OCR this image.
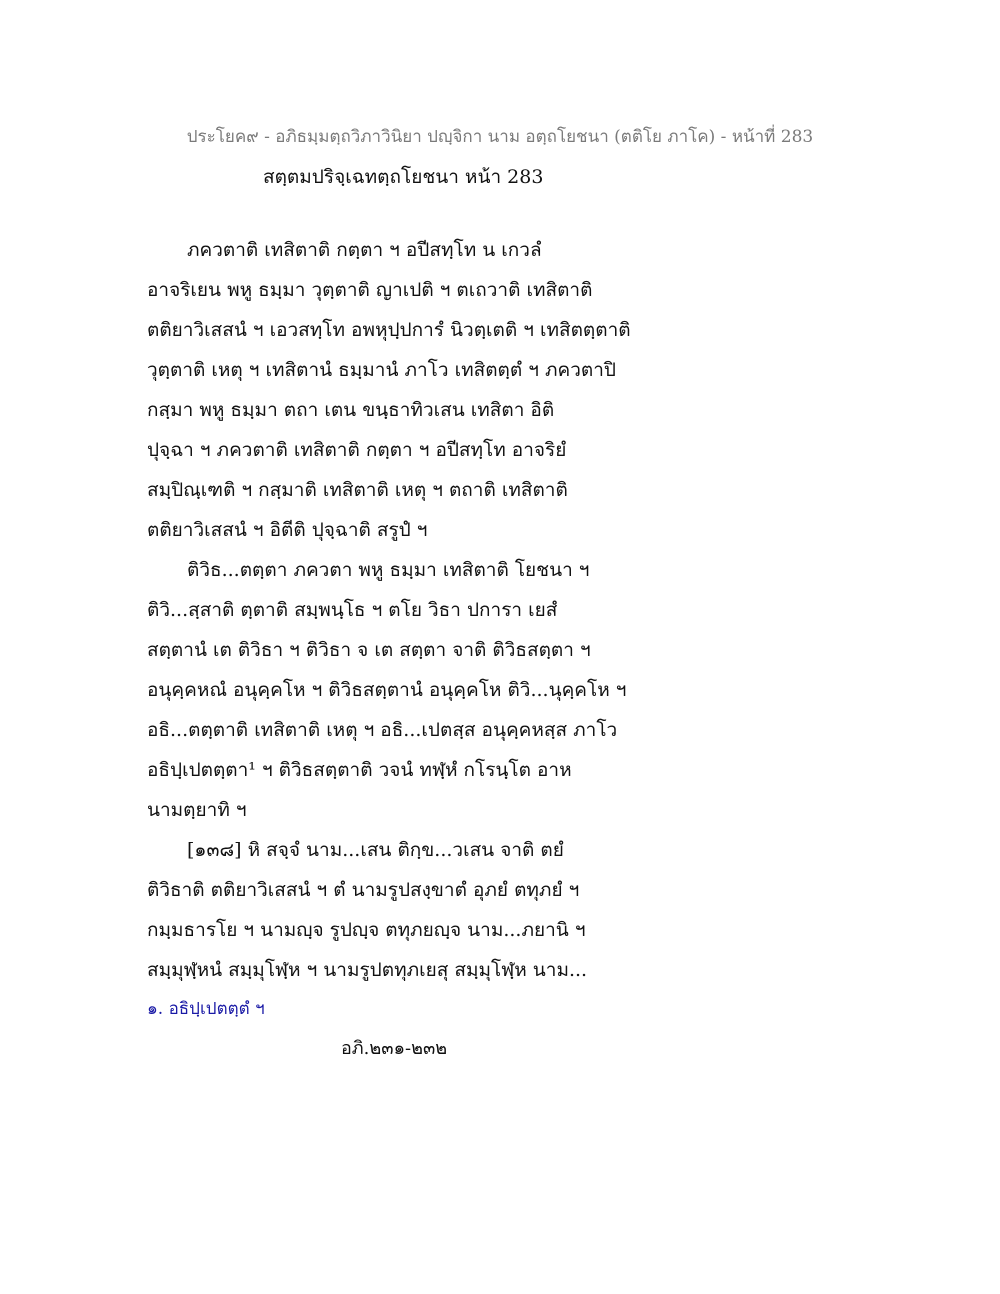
ประโยค๙ - อภิธมฺมตฺถวิภาวินิยา ปญฺจิกา นาม อตฺถโยชนา (ตติโย ภาโค) - หน้าที่ 283
สตฺตมปริจฺเฉทตฺถโยชนา หน้า 283
ภควตาติ เทสิตาติ กตฺตา ฯ อปีสทฺโท น เกวลํ
อาจริเยน พหู ธมฺมา วุตฺตาติ ญาเปติ ฯ ตเถวาติ เทสิตาติ
ตติยาวิเสสนํ ฯ เอวสทฺโท อพหุปฺปการํ นิวตฺเตติ ฯ เทสิตตฺตาติ
วุตฺตาติ เหตุ ฯ เทสิตานํ ธมฺมานํ ภาโว เทสิตตฺตํ ฯ ภควตาปิ
กสฺมา พหู ธมฺมา ตถา เตน ขนฺธาทิวเสน เทสิตา อิติ
ปุจฺฉา ฯ ภควตาติ เทสิตาติ กตฺตา ฯ อปีสทฺโท อาจริยํ
สมฺปิณฺเฑติ ฯ กสฺมาติ เทสิตาติ เหตุ ฯ ตถาติ เทสิตาติ
ตติยาวิเสสนํ ฯ อิตีติ ปุจฺฉาติ สรูปํ ฯ
ติวิธ...ตตฺตา ภควตา พหู ธมฺมา เทสิตาติ โยชนา ฯ
ติวิ...สฺสาติ ตฺตาติ สมฺพนฺโธ ฯ ตโย วิธา ปการา เยสํ
สตฺตานํ เต ติวิธา ฯ ติวิธา จ เต สตฺตา จาติ ติวิธสตฺตา ฯ
อนุคฺคหณํ อนุคฺคโห ฯ ติวิธสตฺตานํ อนุคฺคโห ติวิ...นุคฺคโห ฯ
อธิ...ตตฺตาติ เทสิตาติ เหตุ ฯ อธิ...เปตสฺส อนุคฺคหสฺส ภาโว
อธิปฺเปตตฺตา¹ ฯ ติวิธสตฺตาติ วจนํ ทฬฺหํ กโรนฺโต อาห
นามตฺยาทิ ฯ
[๑๓๘] หิ สจฺจํ นาม...เสน ติกฺข...วเสน จาติ ตยํ
ติวิธาติ ตติยาวิเสสนํ ฯ ตํ นามรูปสงฺขาตํ อุภยํ ตทุภยํ ฯ
กมฺมธารโย ฯ นามญฺจ รูปญฺจ ตทุภยญฺจ นาม...ภยานิ ฯ
สมฺมุฬฺหนํ สมฺมุโฬฺห ฯ นามรูปตทุภเยสุ สมฺมุโฬฺห นาม...
๑. อธิปฺเปตตฺตํ ฯ
อภิ.๒๓๑-๒๓๒
